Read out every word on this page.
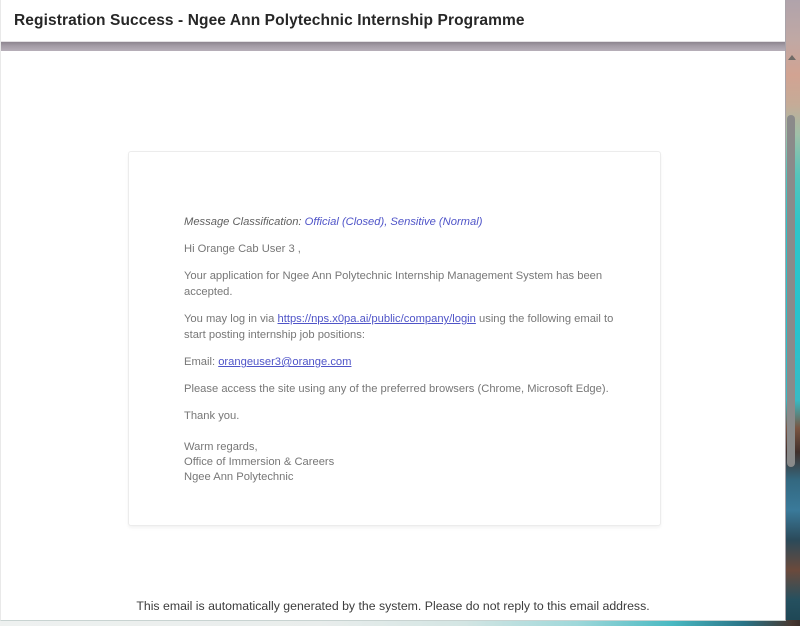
Registration Success - Ngee Ann Polytechnic Internship Programme

Message Classification: Official (Closed), Sensitive (Normal)

Hi Orange Cab User 3 ,

Your application for Ngee Ann Polytechnic Internship Management System has been accepted.

You may log in via https://nps.x0pa.ai/public/company/login using the following email to start posting internship job positions:

Email: orangeuser3@orange.com

Please access the site using any of the preferred browsers (Chrome, Microsoft Edge).

Thank you.

Warm regards,
Office of Immersion & Careers
Ngee Ann Polytechnic

This email is automatically generated by the system. Please do not reply to this email address.
